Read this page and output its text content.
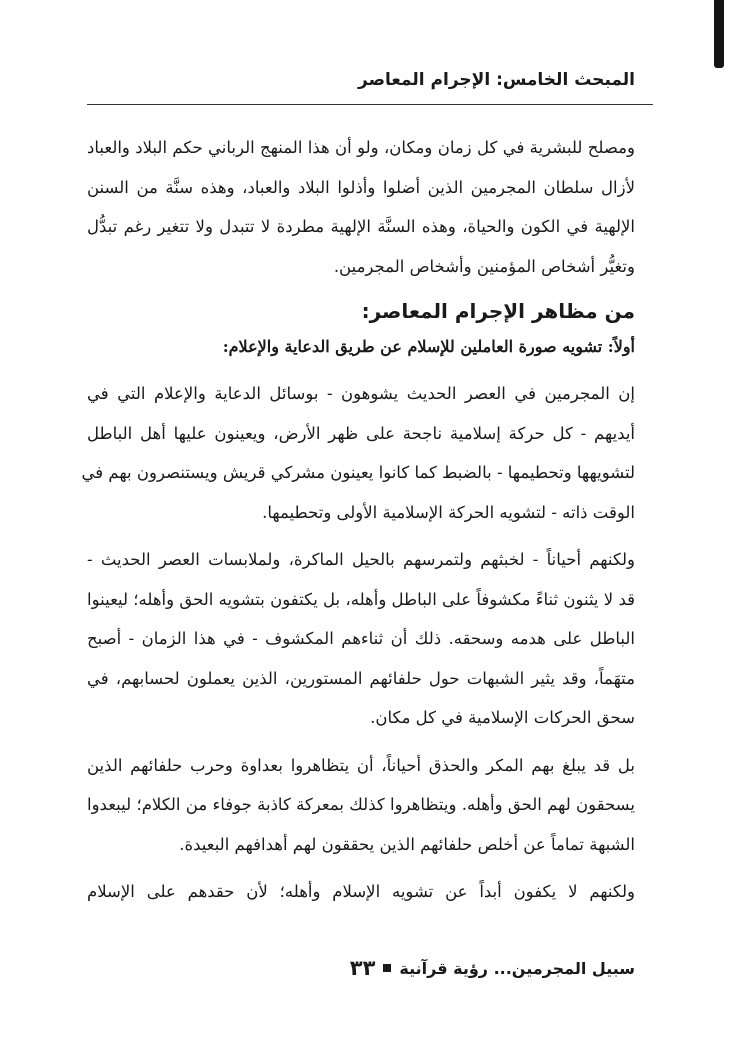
المبحث الخامس: الإجرام المعاصر

ومصلح للبشرية في كل زمان ومكان، ولو أن هذا المنهج الرباني حكم البلاد والعباد
لأزال سلطان المجرمين الذين أضلوا وأذلوا البلاد والعباد، وهذه سنَّة من السنن
الإلهية في الكون والحياة، وهذه السنَّة الإلهية مطردة لا تتبدل ولا تتغير رغم تبدُّل
وتغيُّر أشخاص المؤمنين وأشخاص المجرمين.

من مظاهر الإجرام المعاصر:
أولاً: تشويه صورة العاملين للإسلام عن طريق الدعاية والإعلام:

إن المجرمين في العصر الحديث يشوهون - بوسائل الدعاية والإعلام التي في
أيديهم - كل حركة إسلامية ناجحة على ظهر الأرض، ويعينون عليها أهل الباطل
لتشويهها وتحطيمها - بالضبط كما كانوا يعينون مشركي قريش ويستنصرون بهم في
الوقت ذاته - لتشويه الحركة الإسلامية الأولى وتحطيمها.

ولكنهم أحياناً - لخبثهم ولتمرسهم بالحيل الماكرة، ولملابسات العصر الحديث -
قد لا يثنون ثناءً مكشوفاً على الباطل وأهله، بل يكتفون بتشويه الحق وأهله؛ ليعينوا
الباطل على هدمه وسحقه. ذلك أن ثناءهم المكشوف - في هذا الزمان - أصبح
متهَماً، وقد يثير الشبهات حول حلفائهم المستورين، الذين يعملون لحسابهم، في
سحق الحركات الإسلامية في كل مكان.

بل قد يبلغ بهم المكر والحذق أحياناً، أن يتظاهروا بعداوة وحرب حلفائهم الذين
يسحقون لهم الحق وأهله. ويتظاهروا كذلك بمعركة كاذبة جوفاء من الكلام؛ ليبعدوا
الشبهة تماماً عن أخلص حلفائهم الذين يحققون لهم أهدافهم البعيدة.

ولكنهم لا يكفون أبداً عن تشويه الإسلام وأهله؛ لأن حقدهم على الإسلام

سبيل المجرمين... رؤية قرآنية
٣٣
